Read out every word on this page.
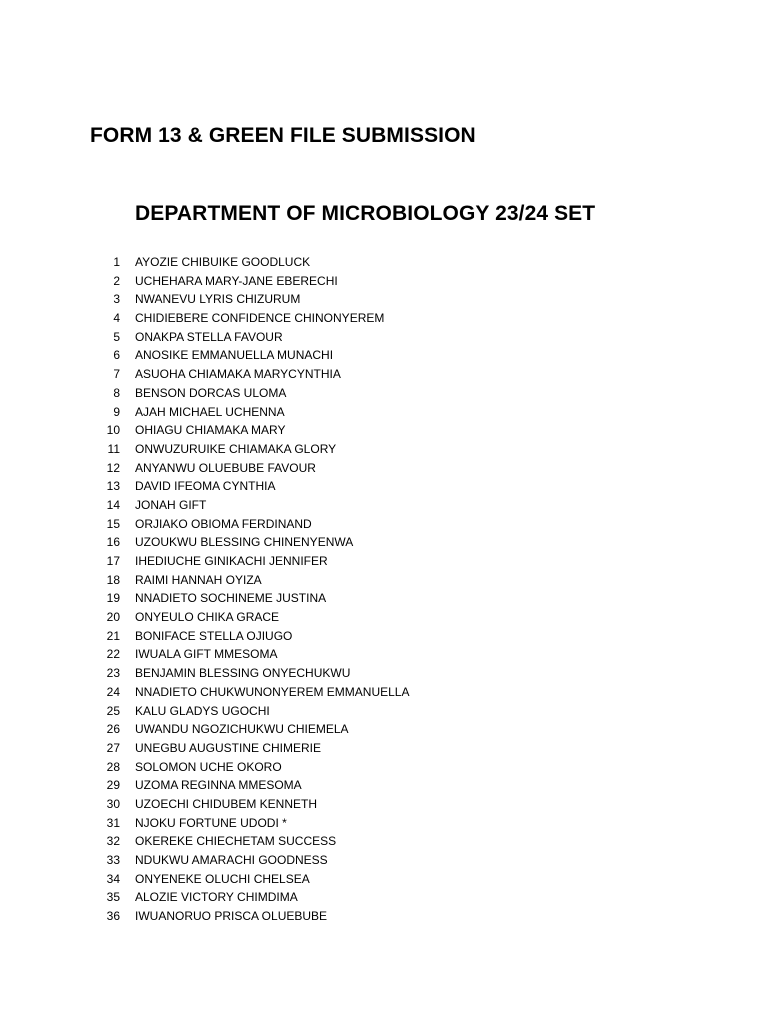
FORM 13 & GREEN FILE SUBMISSION
DEPARTMENT OF MICROBIOLOGY 23/24 SET
1 AYOZIE CHIBUIKE GOODLUCK
2 UCHEHARA MARY-JANE EBERECHI
3 NWANEVU LYRIS CHIZURUM
4 CHIDIEBERE CONFIDENCE CHINONYEREM
5 ONAKPA STELLA FAVOUR
6 ANOSIKE EMMANUELLA MUNACHI
7 ASUOHA CHIAMAKA MARYCYNTHIA
8 BENSON DORCAS ULOMA
9 AJAH MICHAEL UCHENNA
10 OHIAGU CHIAMAKA MARY
11 ONWUZURUIKE CHIAMAKA GLORY
12 ANYANWU OLUEBUBE FAVOUR
13 DAVID IFEOMA CYNTHIA
14 JONAH GIFT
15 ORJIAKO OBIOMA FERDINAND
16 UZOUKWU BLESSING CHINENYENWA
17 IHEDIUCHE GINIKACHI JENNIFER
18 RAIMI HANNAH OYIZA
19 NNADIETO SOCHINEME JUSTINA
20 ONYEULO CHIKA GRACE
21 BONIFACE STELLA OJIUGO
22 IWUALA GIFT MMESOMA
23 BENJAMIN BLESSING ONYECHUKWU
24 NNADIETO CHUKWUNONYEREM EMMANUELLA
25 KALU GLADYS UGOCHI
26 UWANDU NGOZICHUKWU CHIEMELA
27 UNEGBU AUGUSTINE CHIMERIE
28 SOLOMON UCHE OKORO
29 UZOMA REGINNA MMESOMA
30 UZOECHI CHIDUBEM KENNETH
31 NJOKU FORTUNE UDODI *
32 OKEREKE CHIECHETAM SUCCESS
33 NDUKWU AMARACHI GOODNESS
34 ONYENEKE OLUCHI CHELSEA
35 ALOZIE VICTORY CHIMDIMA
36 IWUANORUO PRISCA OLUEBUBE
